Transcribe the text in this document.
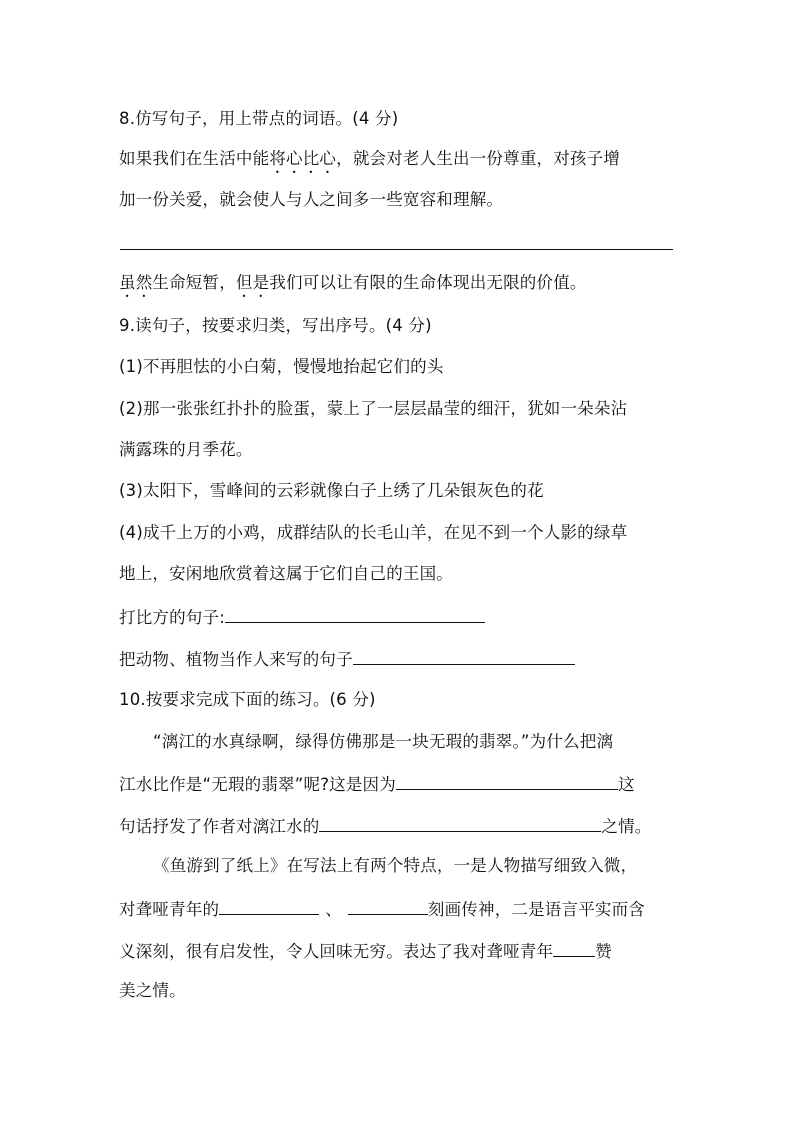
8.仿写句子，用上带点的词语。(4 分)
如果我们在生活中能将心比心，就会对老人生出一份尊重，对孩子增
加一份关爱，就会使人与人之间多一些宽容和理解。
虽然生命短暂，但是我们可以让有限的生命体现出无限的价值。
9.读句子，按要求归类，写出序号。(4 分)
(1)不再胆怯的小白菊，慢慢地抬起它们的头
(2)那一张张红扑扑的脸蛋，蒙上了一层层晶莹的细汗，犹如一朵朵沾
满露珠的月季花。
(3)太阳下，雪峰间的云彩就像白子上绣了几朵银灰色的花
(4)成千上万的小鸡，成群结队的长毛山羊，在见不到一个人影的绿草
地上，安闲地欣赏着这属于它们自己的王国。
打比方的句子:
把动物、植物当作人来写的句子
10.按要求完成下面的练习。(6 分)
“漓江的水真绿啊，绿得仿佛那是一块无瑕的翡翠。”为什么把漓
江水比作是“无瑕的翡翠”呢?这是因为	这
句话抒发了作者对漓江水的	之情。
《鱼游到了纸上》在写法上有两个特点，一是人物描写细致入微，
对聋哑青年的	、	刻画传神，二是语言平实而含
义深刻，很有启发性，令人回味无穷。表达了我对聋哑青年	赞
美之情。
